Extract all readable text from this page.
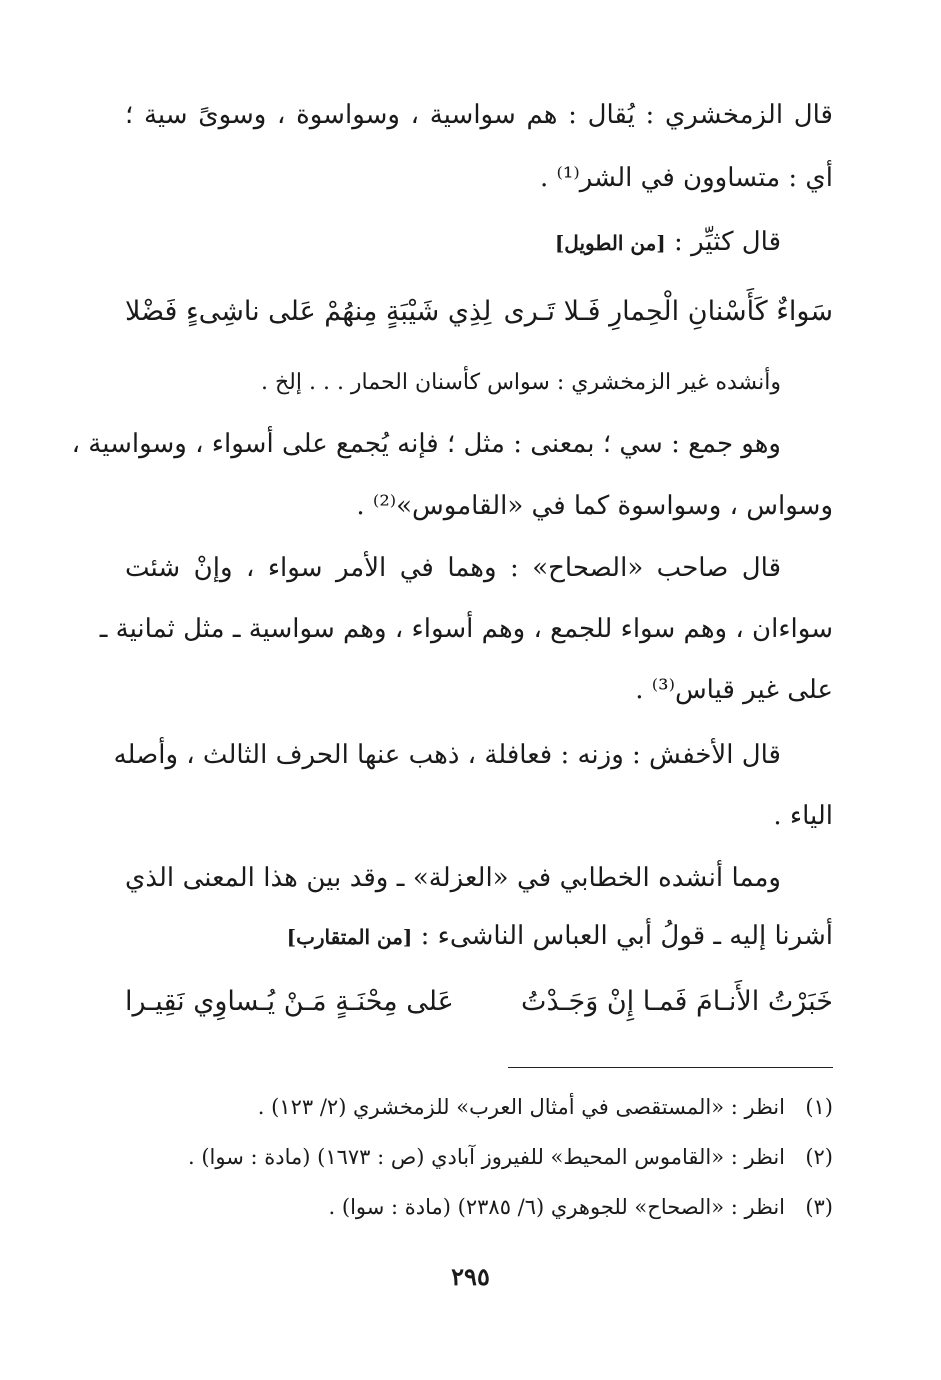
قال الزمخشري : يُقال : هم سواسية ، وسواسوة ، وسوىً سية ؛
أي : متساوون في الشر⁽¹⁾ .
قال كثيِّر : [من الطويل]
سَواءٌ كَأَسْنانِ الْحِمارِ فَـلا تَـرى
لِذِي شَيْبَةٍ مِنهُمْ عَلى ناشِىءٍ فَضْلا
وأنشده غير الزمخشري : سواس كأسنان الحمار . . . إلخ .
وهو جمع : سي ؛ بمعنى : مثل ؛ فإنه يُجمع على أسواء ، وسواسية ،
وسواس ، وسواسوة كما في «القاموس»⁽²⁾ .
قال صاحب «الصحاح» : وهما في الأمر سواء ، وإنْ شئت
سواءان ، وهم سواء للجمع ، وهم أسواء ، وهم سواسية ـ مثل ثمانية ـ
على غير قياس⁽³⁾ .
قال الأخفش : وزنه : فعافلة ، ذهب عنها الحرف الثالث ، وأصله
الياء .
ومما أنشده الخطابي في «العزلة» ـ وقد بين هذا المعنى الذي
أشرنا إليه ـ قولُ أبي العباس الناشىء : [من المتقارب]
خَبَرْتُ الأَنـامَ فَمـا إِنْ وَجَـدْتُ
عَلى مِحْنَـةٍ مَـنْ يُـساوِي نَقِيـرا
(١)انظر : «المستقصى في أمثال العرب» للزمخشري (٢/ ١٢٣) .
(٢)انظر : «القاموس المحيط» للفيروز آبادي (ص : ١٦٧٣) (مادة : سوا) .
(٣)انظر : «الصحاح» للجوهري (٦/ ٢٣٨٥) (مادة : سوا) .
٢٩٥
